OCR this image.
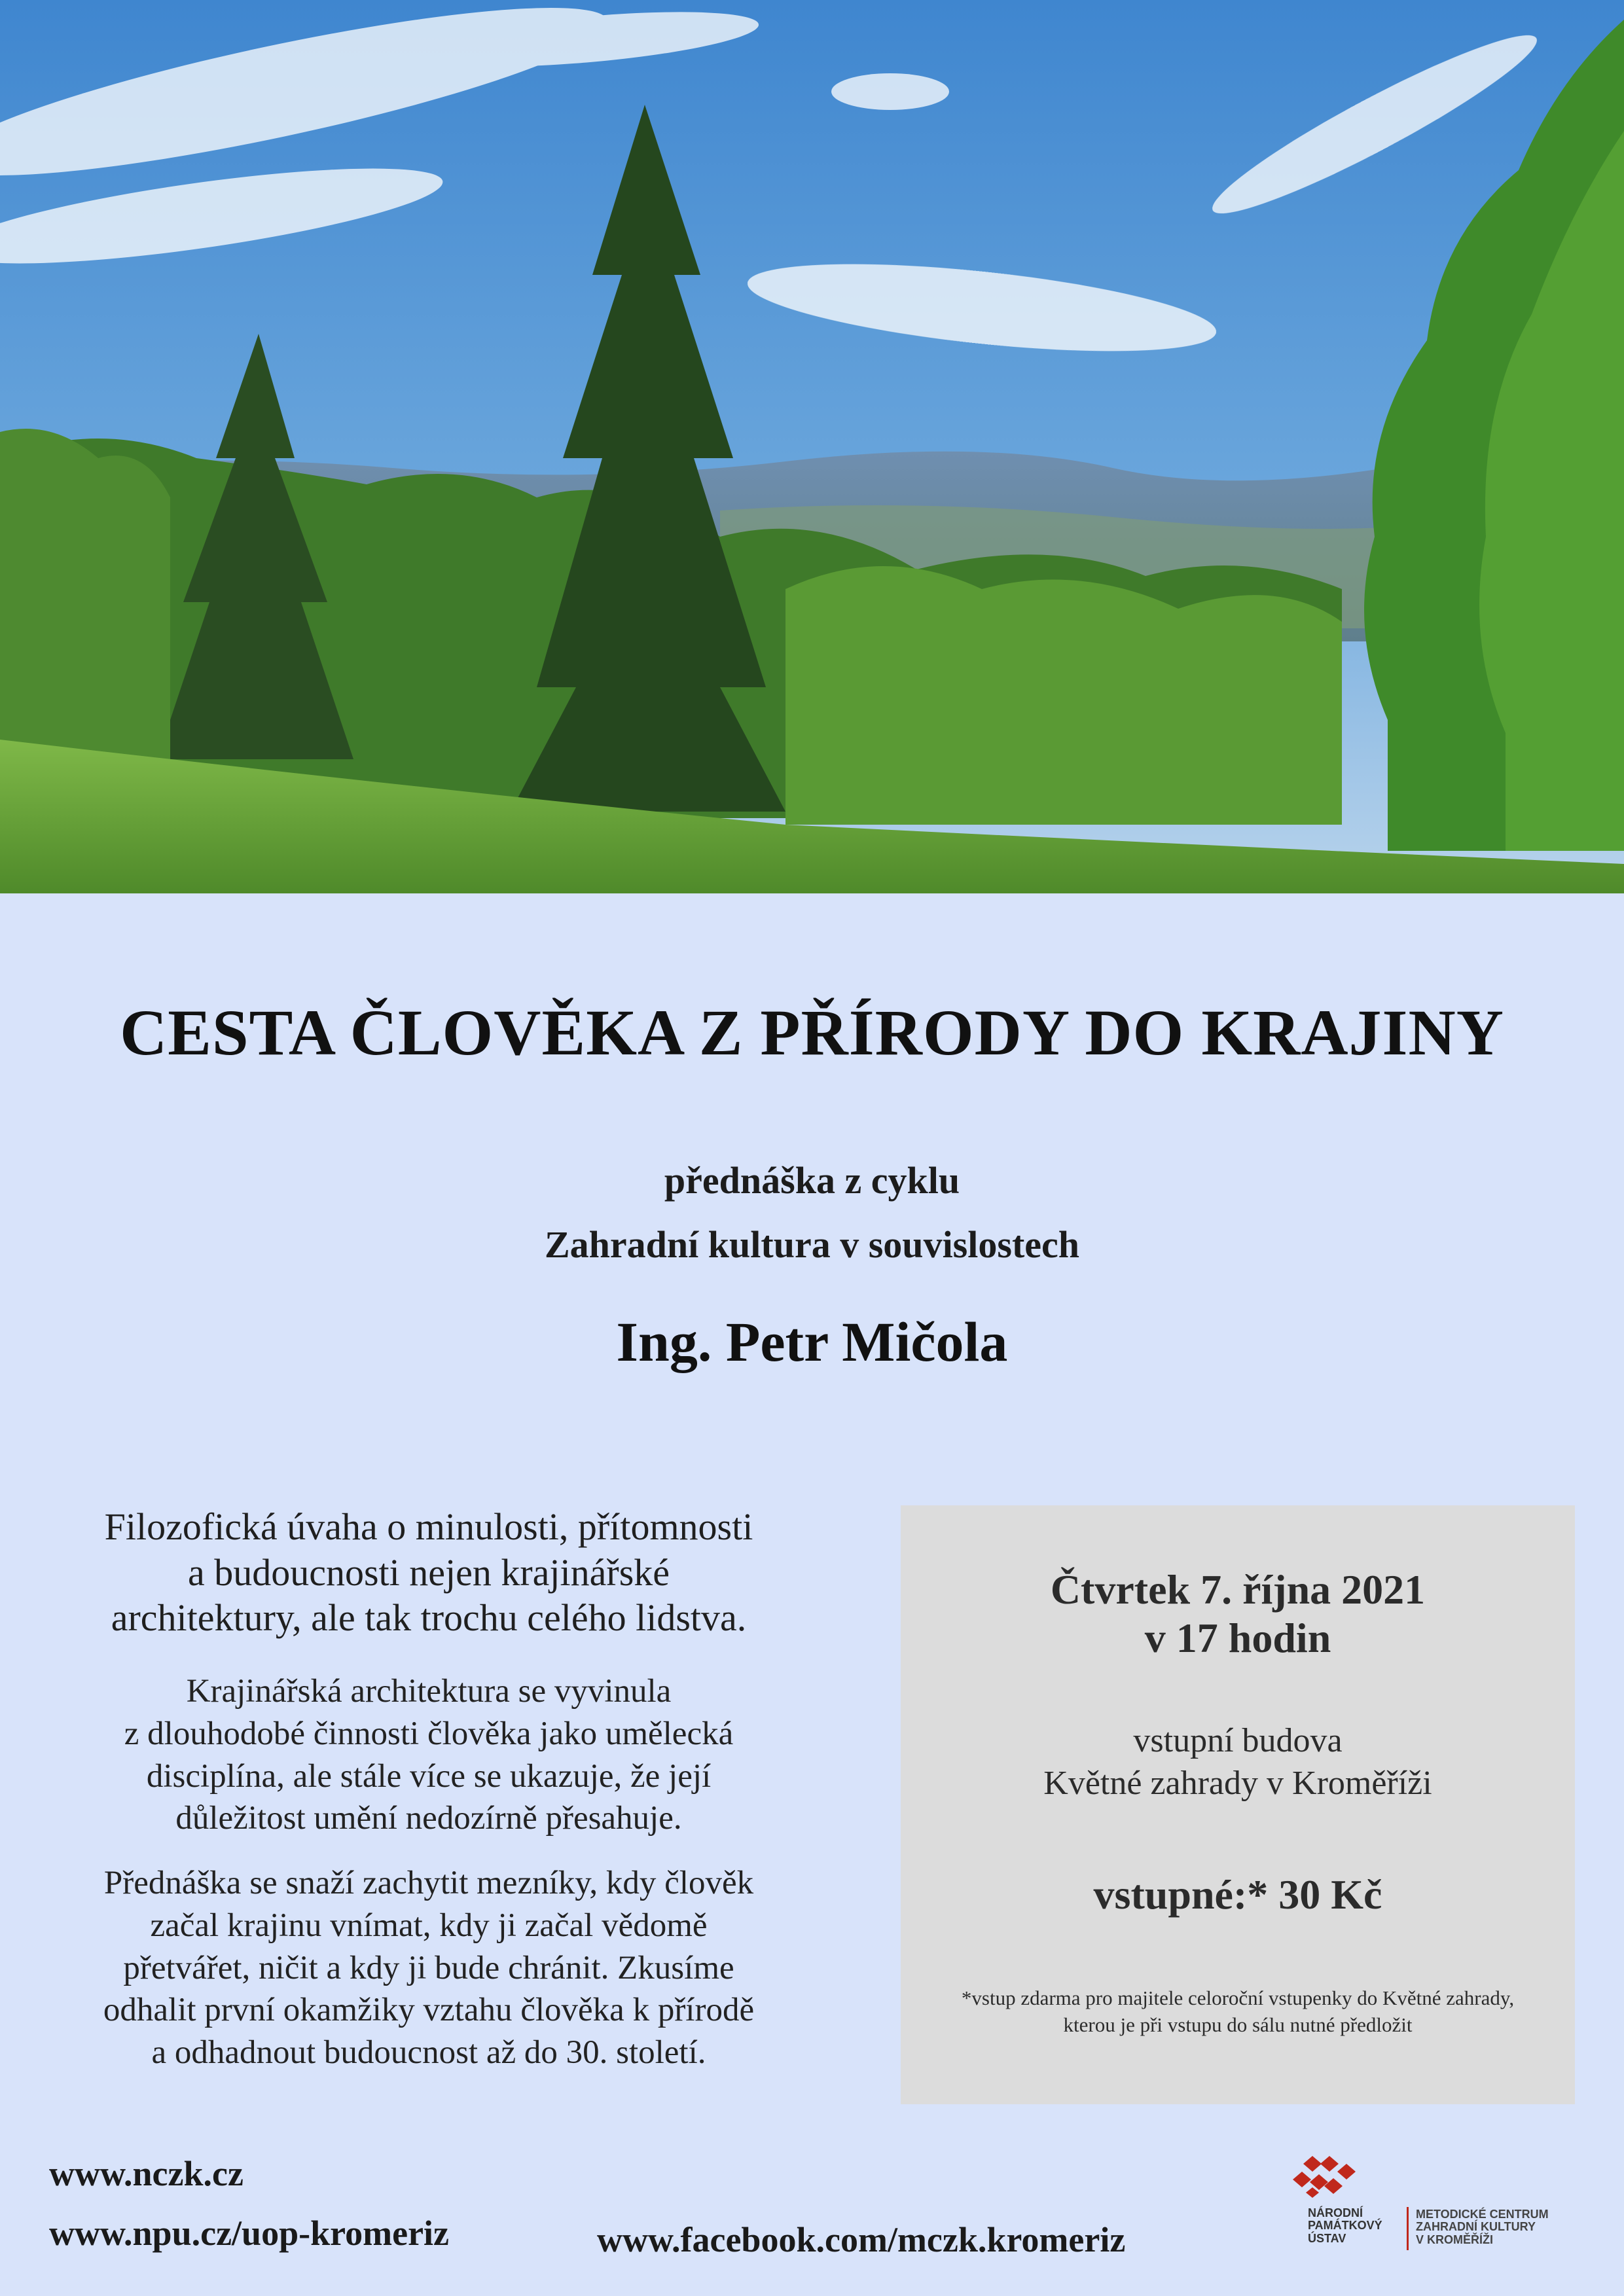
CESTA ČLOVĚKA Z PŘÍRODY DO KRAJINY
přednáška z cyklu
Zahradní kultura v souvislostech
Ing. Petr Mičola
Filozofická úvaha o minulosti, přítomnosti
a budoucnosti nejen krajinářské
architektury, ale tak trochu celého lidstva.
Krajinářská architektura se vyvinula
z dlouhodobé činnosti člověka jako umělecká
disciplína, ale stále více se ukazuje, že její
důležitost umění nedozírně přesahuje.
Přednáška se snaží zachytit mezníky, kdy člověk
začal krajinu vnímat, kdy ji začal vědomě
přetvářet, ničit a kdy ji bude chránit. Zkusíme
odhalit první okamžiky vztahu člověka k přírodě
a odhadnout budoucnost až do 30. století.
Čtvrtek 7. října 2021
v 17 hodin
vstupní budova
Květné zahrady v Kroměříži
vstupné:* 30 Kč
*vstup zdarma pro majitele celoroční vstupenky do Květné zahrady,
kterou je při vstupu do sálu nutné předložit
www.nczk.cz
www.npu.cz/uop-kromeriz	www.facebook.com/mczk.kromeriz
NÁRODNÍ
PAMÁTKOVÝ
ÚSTAV
METODICKÉ CENTRUM
ZAHRADNÍ KULTURY
V KROMĚŘÍŽI
